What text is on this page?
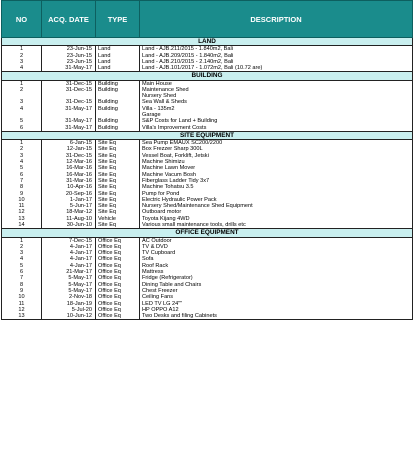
NO	ACQ. DATE	TYPE	DESCRIPTION
LAND			
1	23-Jun-15	Land	Land - AJB.211/2015 - 1.840m2, Bali
2	23-Jun-15	Land	Land - AJB.209/2015 - 1.840m2, Bali
3	23-Jun-15	Land	Land - AJB.210/2015 - 2.140m2, Bali
4	31-May-17	Land	Land - AJB.101/2017 - 1.072m2, Bali (10.72 are)
BUILDING			
1	31-Dec-15	Building	Main House
2	31-Dec-15	Building	Maintenance Shed
			Nursery Shed
3	31-Dec-15	Building	Sea Wall & Sheds
4	31-May-17	Building	Villa - 135m2
			Garage
5	31-May-17	Building	S&P Costs for Land + Building
6	31-May-17	Building	Villa's Improvement Costs
SITE EQUIPMENT			
1	6-Jan-15	Site Eq	Sea Pump EMAUX SC200/2200
2	12-Jan-15	Site Eq	Box Frezzer Sharp 300L
3	31-Dec-15	Site Eq	Vessel Boat, Forklift, Jetski
4	12-Mar-16	Site Eq	Machine Shimizu
5	16-Mar-16	Site Eq	Machine Lawn Mover
6	16-Mar-16	Site Eq	Machine Vacum Bosh
7	31-Mar-16	Site Eq	Fiberglass Ladder Tidy 3x7
8	10-Apr-16	Site Eq	Machine Tohatsu 3.5
9	20-Sep-16	Site Eq	Pump for Pond
10	1-Jan-17	Site Eq	Electric Hydraulic Power Pack
11	5-Jun-17	Site Eq	Nursery Shed/Maintenance Shed Equipment
12	18-Mar-12	Site Eq	Outboard motor
13	11-Aug-10	Vehicle	Toyota Kijang 4WD
14	30-Jun-10	Site Eq	Various small maintenance tools, drills etc
OFFICE EQUIPMENT			
1	7-Dec-15	Office Eq	AC Outdoor
2	4-Jan-17	Office Eq	TV & DVD
3	4-Jan-17	Office Eq	TV Cupboard
4	4-Jan-17	Office Eq	Sofa
5	4-Jan-17	Office Eq	Roof Rack
6	21-Mar-17	Office Eq	Mattress
7	5-May-17	Office Eq	Fridge (Refrigerator)
8	5-May-17	Office Eq	Dining Table and Chairs
9	5-May-17	Office Eq	Chest Freezer
10	2-Nov-18	Office Eq	Ceiling Fans
11	18-Jan-19	Office Eq	LED TV LG 24""
12	5-Jul-20	Office Eq	HP OPPO A12
13	10-Jun-12	Office Eq	Two Desks and filing Cabinets
